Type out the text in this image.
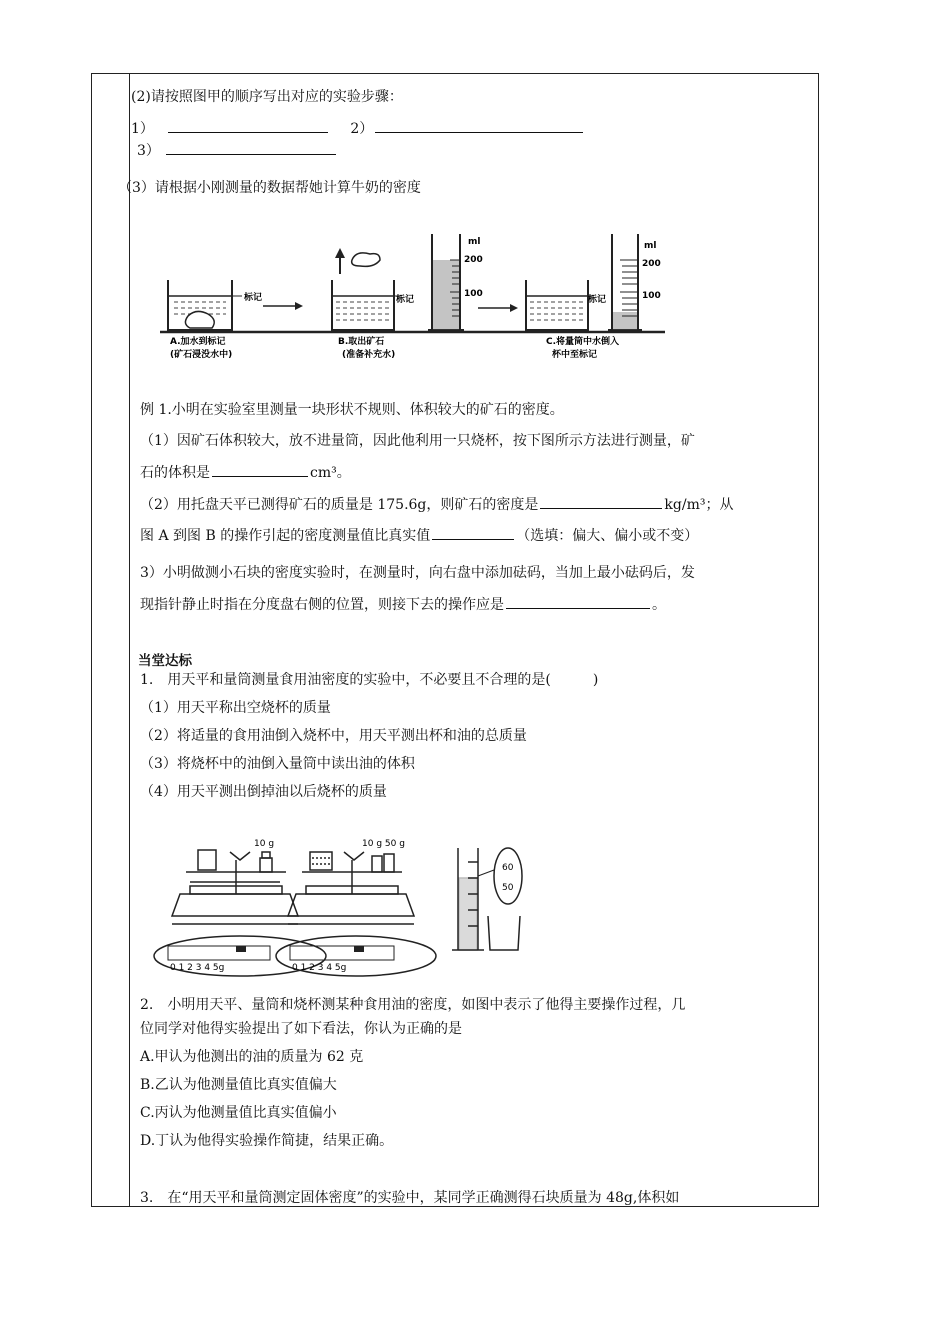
(2)请按照图甲的顺序写出对应的实验步骤：
1）	2）
3）
（3）请根据小刚测量的数据帮她计算牛奶的密度
标记
A.加水到标记
(矿石浸没水中)
标记
B.取出矿石
(准备补充水)
ml
200
100
标记
ml
200
100
C.将量筒中水倒入
杯中至标记
例 1.小明在实验室里测量一块形状不规则、体积较大的矿石的密度。
（1）因矿石体积较大，放不进量筒，因此他利用一只烧杯，按下图所示方法进行测量，矿
石的体积是	cm³。
（2）用托盘天平已测得矿石的质量是 175.6g，则矿石的密度是	kg/m³；从
图 A 到图 B 的操作引起的密度测量值比真实值	（选填：偏大、偏小或不变）
3）小明做测小石块的密度实验时，在测量时，向右盘中添加砝码，当加上最小砝码后，发
现指针静止时指在分度盘右侧的位置，则接下去的操作应是	。
当堂达标
1.　用天平和量筒测量食用油密度的实验中，不必要且不合理的是(　　　)
（1）用天平称出空烧杯的质量
（2）将适量的食用油倒入烧杯中，用天平测出杯和油的总质量
（3）将烧杯中的油倒入量筒中读出油的体积
（4）用天平测出倒掉油以后烧杯的质量
10 g
0 1 2 3 4 5g
10 g 50 g
0 1 2 3 4 5g
60
50
2.　小明用天平、量筒和烧杯测某种食用油的密度，如图中表示了他得主要操作过程，几
位同学对他得实验提出了如下看法，你认为正确的是
A.甲认为他测出的油的质量为 62 克
B.乙认为他测量值比真实值偏大
C.丙认为他测量值比真实值偏小
D.丁认为他得实验操作简捷，结果正确。
3.　在“用天平和量筒测定固体密度”的实验中，某同学正确测得石块质量为 48g,体积如
